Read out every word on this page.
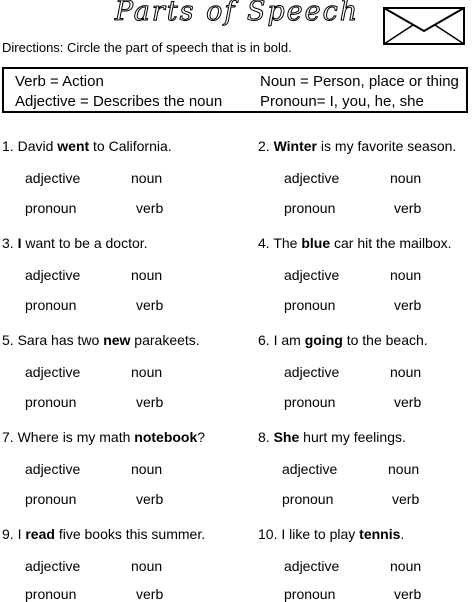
Parts of Speech
Directions: Circle the part of speech that is in bold.
Verb = Action	Noun = Person, place or thing
Adjective = Describes the noun	Pronoun= I, you, he, she
1. David went to California.
adjective	noun
pronoun	verb
2. Winter is my favorite season.
adjective	noun
pronoun	verb
3. I want to be a doctor.
adjective	noun
pronoun	verb
4. The blue car hit the mailbox.
adjective	noun
pronoun	verb
5. Sara has two new parakeets.
adjective	noun
pronoun	verb
6. I am going to the beach.
adjective	noun
pronoun	verb
7. Where is my math notebook?
adjective	noun
pronoun	verb
8. She hurt my feelings.
adjective	noun
pronoun	verb
9. I read five books this summer.
adjective	noun
pronoun	verb
10. I like to play tennis.
adjective	noun
pronoun	verb
